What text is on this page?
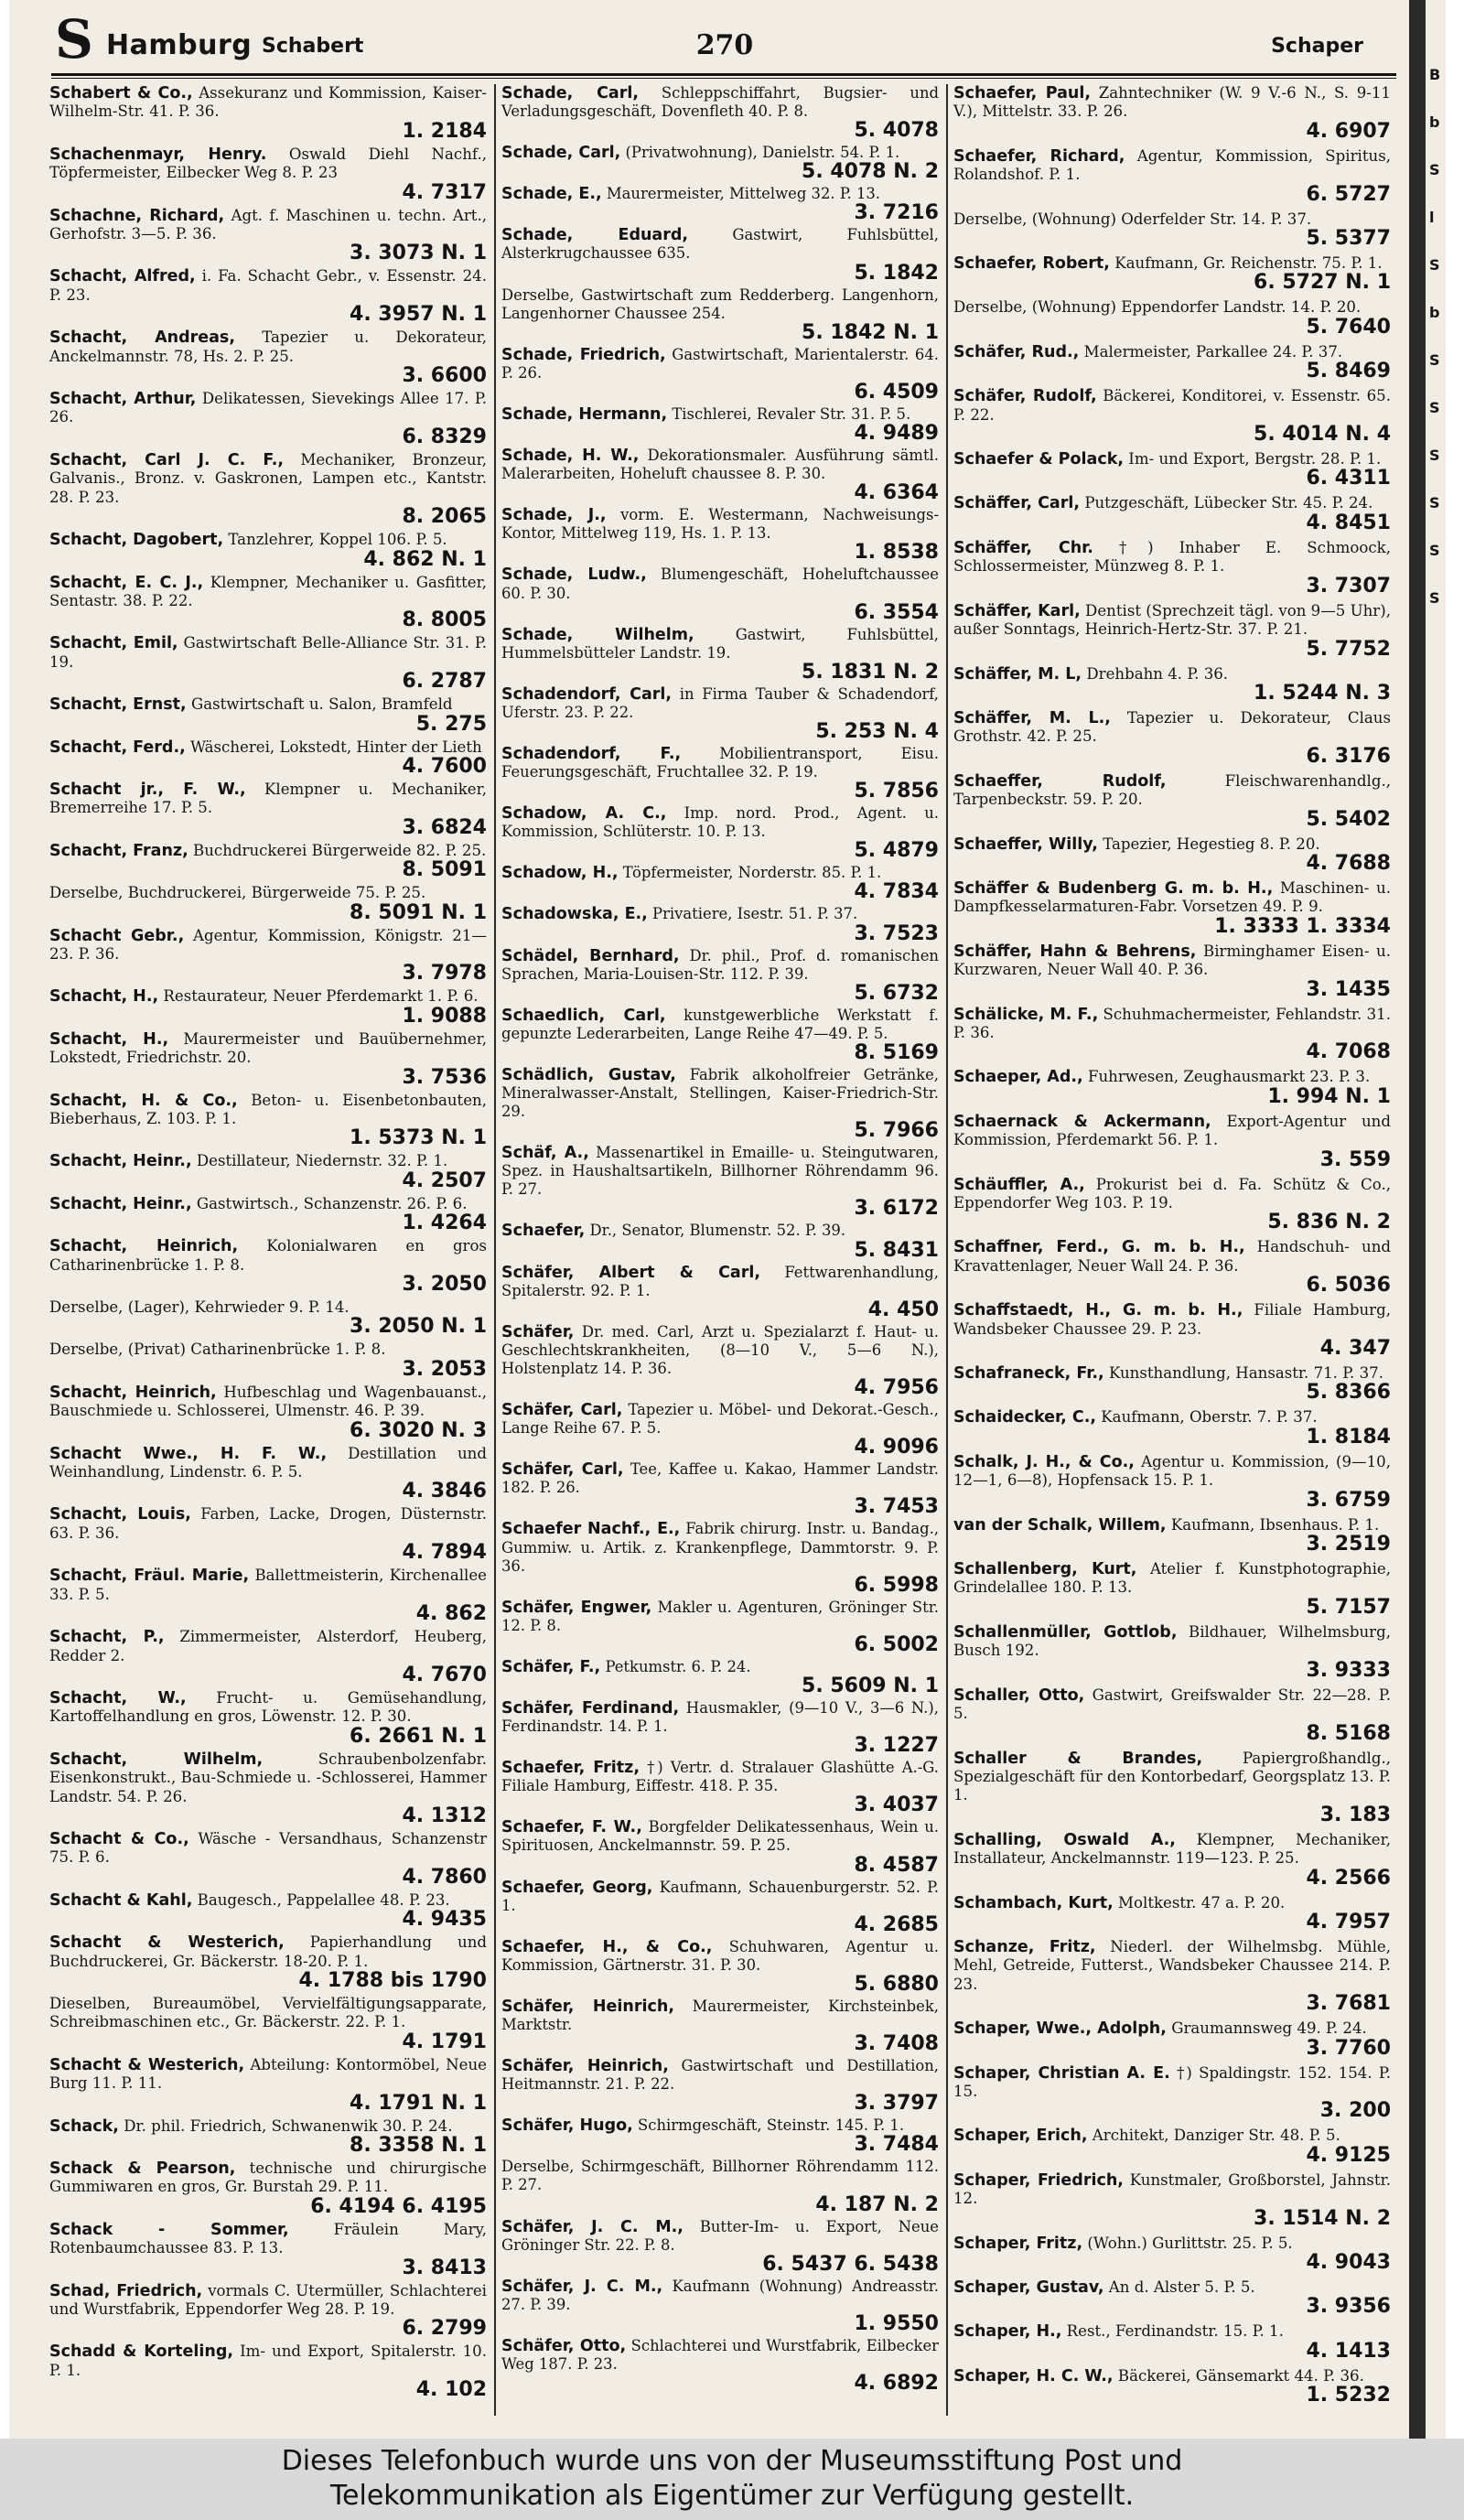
S Hamburg Schabert	270	Schaper
Schabert & Co., Assekuranz und Kommission, Kaiser-Wilhelm-Str. 41. P. 36.
1. 2184
Schachenmayr, Henry. Oswald Diehl Nachf., Töpfermeister, Eilbecker Weg 8. P. 23
4. 7317
Schachne, Richard, Agt. f. Maschinen u. techn. Art., Gerhofstr. 3—5. P. 36.
3. 3073 N. 1
Schacht, Alfred, i. Fa. Schacht Gebr., v. Essenstr. 24. P. 23.
4. 3957 N. 1
Schacht, Andreas, Tapezier u. Dekorateur, Anckelmannstr. 78, Hs. 2. P. 25.
3. 6600
Schacht, Arthur, Delikatessen, Sievekings Allee 17. P. 26.
6. 8329
Schacht, Carl J. C. F., Mechaniker, Bronzeur, Galvanis., Bronz. v. Gaskronen, Lampen etc., Kantstr. 28. P. 23.
8. 2065
Schacht, Dagobert, Tanzlehrer, Koppel 106. P. 5.
4. 862 N. 1
Schacht, E. C. J., Klempner, Mechaniker u. Gasfitter, Sentastr. 38. P. 22.
8. 8005
Schacht, Emil, Gastwirtschaft Belle-Alliance Str. 31. P. 19.
6. 2787
Schacht, Ernst, Gastwirtschaft u. Salon, Bramfeld
5. 275
Schacht, Ferd., Wäscherei, Lokstedt, Hinter der Lieth
4. 7600
Schacht jr., F. W., Klempner u. Mechaniker, Bremerreihe 17. P. 5.
3. 6824
Schacht, Franz, Buchdruckerei Bürgerweide 82. P. 25.
8. 5091
Derselbe, Buchdruckerei, Bürgerweide 75. P. 25.
8. 5091 N. 1
Schacht Gebr., Agentur, Kommission, Königstr. 21—23. P. 36.
3. 7978
Schacht, H., Restaurateur, Neuer Pferdemarkt 1. P. 6.
1. 9088
Schacht, H., Maurermeister und Bauübernehmer, Lokstedt, Friedrichstr. 20.
3. 7536
Schacht, H. & Co., Beton- u. Eisenbetonbauten, Bieberhaus, Z. 103. P. 1.
1. 5373 N. 1
Schacht, Heinr., Destillateur, Niedernstr. 32. P. 1.
4. 2507
Schacht, Heinr., Gastwirtsch., Schanzenstr. 26. P. 6.
1. 4264
Schacht, Heinrich, Kolonialwaren en gros Catharinenbrücke 1. P. 8.
3. 2050
Derselbe, (Lager), Kehrwieder 9. P. 14.
3. 2050 N. 1
Derselbe, (Privat) Catharinenbrücke 1. P. 8.
3. 2053
Schacht, Heinrich, Hufbeschlag und Wagenbauanst., Bauschmiede u. Schlosserei, Ulmenstr. 46. P. 39.
6. 3020 N. 3
Schacht Wwe., H. F. W., Destillation und Weinhandlung, Lindenstr. 6. P. 5.
4. 3846
Schacht, Louis, Farben, Lacke, Drogen, Düsternstr. 63. P. 36.
4. 7894
Schacht, Fräul. Marie, Ballettmeisterin, Kirchenallee 33. P. 5.
4. 862
Schacht, P., Zimmermeister, Alsterdorf, Heuberg, Redder 2.
4. 7670
Schacht, W., Frucht- u. Gemüsehandlung, Kartoffelhandlung en gros, Löwenstr. 12. P. 30.
6. 2661 N. 1
Schacht, Wilhelm,	Schraubenbolzenfabr. Eisenkonstrukt., Bau-Schmiede u. -Schlosserei, Hammer Landstr. 54. P. 26.
4. 1312
Schacht & Co., Wäsche - Versandhaus, Schanzenstr 75. P. 6.
4. 7860
Schacht & Kahl, Baugesch., Pappelallee 48. P. 23.
4. 9435
Schacht & Westerich, Papierhandlung und Buchdruckerei, Gr. Bäckerstr. 18-20. P. 1.
4. 1788 bis 1790
Dieselben, Bureaumöbel, Vervielfältigungsapparate, Schreibmaschinen etc., Gr. Bäckerstr. 22. P. 1.
4. 1791
Schacht & Westerich, Abteilung: Kontormöbel, Neue Burg 11. P. 11.
4. 1791 N. 1
Schack, Dr. phil. Friedrich, Schwanenwik 30. P. 24.
8. 3358 N. 1
Schack & Pearson, technische und chirurgische Gummiwaren en gros, Gr. Burstah 29. P. 11.
6. 4194 6. 4195
Schack - Sommer,	Fräulein Mary, Rotenbaumchaussee 83. P. 13.
3. 8413
Schad, Friedrich, vormals C. Utermüller, Schlachterei und Wurstfabrik, Eppendorfer Weg 28. P. 19.
6. 2799
Schadd & Korteling, Im- und Export, Spitalerstr. 10. P. 1.
4. 102
Schade, Carl, Schleppschiffahrt, Bugsier- und Verladungsgeschäft, Dovenfleth 40. P. 8.
5. 4078
Schade, Carl, (Privatwohnung), Danielstr. 54. P. 1.
5. 4078 N. 2
Schade, E., Maurermeister, Mittelweg 32. P. 13.
3. 7216
Schade, Eduard,	Gastwirt, Fuhlsbüttel, Alsterkrugchaussee 635.
5. 1842
Derselbe, Gastwirtschaft zum Redderberg. Langenhorn, Langenhorner Chaussee 254.
5. 1842 N. 1
Schade, Friedrich, Gastwirtschaft, Marientalerstr. 64. P. 26.
6. 4509
Schade, Hermann, Tischlerei, Revaler Str. 31. P. 5.
4. 9489
Schade, H. W., Dekorationsmaler. Ausführung sämtl. Malerarbeiten, Hoheluft chaussee 8. P. 30.
4. 6364
Schade, J., vorm. E. Westermann, Nachweisungs-Kontor, Mittelweg 119, Hs. 1. P. 13.
1. 8538
Schade, Ludw., Blumengeschäft, Hoheluftchaussee 60. P. 30.
6. 3554
Schade, Wilhelm,	Gastwirt, Fuhlsbüttel, Hummelsbütteler Landstr. 19.
5. 1831 N. 2
Schadendorf, Carl, in Firma Tauber & Schadendorf, Uferstr. 23. P. 22.
5. 253 N. 4
Schadendorf, F.,	Mobilientransport, Eisu. Feuerungsgeschäft, Fruchtallee 32. P. 19.
5. 7856
Schadow, A. C., Imp. nord. Prod., Agent. u. Kommission, Schlüterstr. 10. P. 13.
5. 4879
Schadow, H., Töpfermeister, Norderstr. 85. P. 1.
4. 7834
Schadowska, E., Privatiere, Isestr. 51. P. 37.
3. 7523
Schädel, Bernhard, Dr. phil., Prof. d. romanischen Sprachen, Maria-Louisen-Str. 112. P. 39.
5. 6732
Schaedlich, Carl, kunstgewerbliche Werkstatt f. gepunzte Lederarbeiten, Lange Reihe 47—49. P. 5.
8. 5169
Schädlich, Gustav, Fabrik alkoholfreier Getränke, Mineralwasser-Anstalt, Stellingen, Kaiser-Friedrich-Str. 29.
5. 7966
Schäf, A., Massenartikel in Emaille- u. Steingutwaren, Spez. in Haushaltsartikeln, Billhorner Röhrendamm 96. P. 27.
3. 6172
Schaefer, Dr., Senator, Blumenstr. 52. P. 39.
5. 8431
Schäfer, Albert & Carl, Fettwarenhandlung, Spitalerstr. 92. P. 1.
4. 450
Schäfer, Dr. med. Carl, Arzt u. Spezialarzt f. Haut- u. Geschlechtskrankheiten, (8—10 V., 5—6 N.), Holstenplatz 14. P. 36.
4. 7956
Schäfer, Carl, Tapezier u. Möbel- und Dekorat.-Gesch., Lange Reihe 67. P. 5.
4. 9096
Schäfer, Carl, Tee, Kaffee u. Kakao, Hammer Landstr. 182. P. 26.
3. 7453
Schaefer Nachf., E., Fabrik chirurg. Instr. u. Bandag., Gummiw. u. Artik. z. Krankenpflege, Dammtorstr. 9. P. 36.
6. 5998
Schäfer, Engwer, Makler u. Agenturen, Gröninger Str. 12. P. 8.
6. 5002
Schäfer, F., Petkumstr. 6. P. 24.
5. 5609 N. 1
Schäfer, Ferdinand, Hausmakler, (9—10 V., 3—6 N.), Ferdinandstr. 14. P. 1.
3. 1227
Schaefer, Fritz, †) Vertr. d. Stralauer Glashütte A.-G. Filiale Hamburg, Eiffestr. 418. P. 35.
3. 4037
Schaefer, F. W., Borgfelder Delikatessenhaus, Wein u. Spirituosen, Anckelmannstr. 59. P. 25.
8. 4587
Schaefer, Georg, Kaufmann, Schauenburgerstr. 52. P. 1.
4. 2685
Schaefer, H., & Co., Schuhwaren, Agentur u. Kommission, Gärtnerstr. 31. P. 30.
5. 6880
Schäfer, Heinrich, Maurermeister, Kirchsteinbek, Marktstr.
3. 7408
Schäfer, Heinrich, Gastwirtschaft und Destillation, Heitmannstr. 21. P. 22.
3. 3797
Schäfer, Hugo, Schirmgeschäft, Steinstr. 145. P. 1.
3. 7484
Derselbe, Schirmgeschäft, Billhorner Röhrendamm 112. P. 27.
4. 187 N. 2
Schäfer, J. C. M., Butter-Im- u. Export, Neue Gröninger Str. 22. P. 8.
6. 5437 6. 5438
Schäfer, J. C. M., Kaufmann (Wohnung) Andreasstr. 27. P. 39.
1. 9550
Schäfer, Otto, Schlachterei und Wurstfabrik, Eilbecker Weg 187. P. 23.
4. 6892
Schaefer, Paul, Zahntechniker (W. 9 V.-6 N., S. 9-11 V.), Mittelstr. 33. P. 26.
4. 6907
Schaefer, Richard, Agentur, Kommission, Spiritus, Rolandshof. P. 1.
6. 5727
Derselbe, (Wohnung) Oderfelder Str. 14. P. 37.
5. 5377
Schaefer, Robert, Kaufmann, Gr. Reichenstr. 75. P. 1.
6. 5727 N. 1
Derselbe, (Wohnung) Eppendorfer Landstr. 14. P. 20.
5. 7640
Schäfer, Rud., Malermeister, Parkallee 24. P. 37.
5. 8469
Schäfer, Rudolf, Bäckerei, Konditorei, v. Essenstr. 65. P. 22.
5. 4014 N. 4
Schaefer & Polack, Im- und Export, Bergstr. 28. P. 1.
6. 4311
Schäffer, Carl, Putzgeschäft, Lübecker Str. 45. P. 24.
4. 8451
Schäffer, Chr. †) Inhaber E. Schmoock, Schlossermeister, Münzweg 8. P. 1.
3. 7307
Schäffer, Karl, Dentist (Sprechzeit tägl. von 9—5 Uhr), außer Sonntags, Heinrich-Hertz-Str. 37. P. 21.
5. 7752
Schäffer, M. L, Drehbahn 4. P. 36.
1. 5244 N. 3
Schäffer, M. L., Tapezier u. Dekorateur, Claus Grothstr. 42. P. 25.
6. 3176
Schaeffer, Rudolf,	Fleischwarenhandlg., Tarpenbeckstr. 59. P. 20.
5. 5402
Schaeffer, Willy, Tapezier, Hegestieg 8. P. 20.
4. 7688
Schäffer & Budenberg G. m. b. H., Maschinen- u. Dampfkesselarmaturen-Fabr. Vorsetzen 49. P. 9.
1. 3333 1. 3334
Schäffer, Hahn & Behrens, Birminghamer Eisen- u. Kurzwaren, Neuer Wall 40. P. 36.
3. 1435
Schälicke, M. F., Schuhmachermeister, Fehlandstr. 31. P. 36.
4. 7068
Schaeper, Ad., Fuhrwesen, Zeughausmarkt 23. P. 3.
1. 994 N. 1
Schaernack & Ackermann, Export-Agentur und Kommission, Pferdemarkt 56. P. 1.
3. 559
Schäuffler, A., Prokurist bei d. Fa. Schütz & Co., Eppendorfer Weg 103. P. 19.
5. 836 N. 2
Schaffner, Ferd., G. m. b. H., Handschuh- und Kravattenlager, Neuer Wall 24. P. 36.
6. 5036
Schaffstaedt, H., G. m. b. H., Filiale Hamburg, Wandsbeker Chaussee 29. P. 23.
4. 347
Schafraneck, Fr., Kunsthandlung, Hansastr. 71. P. 37.
5. 8366
Schaidecker, C., Kaufmann, Oberstr. 7. P. 37.
1. 8184
Schalk, J. H., & Co., Agentur u. Kommission, (9—10, 12—1, 6—8), Hopfensack 15. P. 1.
3. 6759
van der Schalk, Willem, Kaufmann, Ibsenhaus. P. 1.
3. 2519
Schallenberg, Kurt, Atelier f. Kunstphotographie, Grindelallee 180. P. 13.
5. 7157
Schallenmüller, Gottlob, Bildhauer, Wilhelmsburg, Busch 192.
3. 9333
Schaller, Otto, Gastwirt, Greifswalder Str. 22—28. P. 5.
8. 5168
Schaller & Brandes,	Papiergroßhandlg., Spezialgeschäft für den Kontorbedarf, Georgsplatz 13. P. 1.
3. 183
Schalling, Oswald A., Klempner, Mechaniker, Installateur, Anckelmannstr. 119—123. P. 25.
4. 2566
Schambach, Kurt, Moltkestr. 47 a. P. 20.
4. 7957
Schanze, Fritz, Niederl. der Wilhelmsbg. Mühle, Mehl, Getreide, Futterst., Wandsbeker Chaussee 214. P. 23.
3. 7681
Schaper, Wwe., Adolph, Graumannsweg 49. P. 24.
3. 7760
Schaper, Christian A. E. †) Spaldingstr. 152. 154. P. 15.
3. 200
Schaper, Erich, Architekt, Danziger Str. 48. P. 5.
4. 9125
Schaper, Friedrich, Kunstmaler, Großborstel, Jahnstr. 12.
3. 1514 N. 2
Schaper, Fritz, (Wohn.) Gurlittstr. 25. P. 5.
4. 9043
Schaper, Gustav, An d. Alster 5. P. 5.
3. 9356
Schaper, H., Rest., Ferdinandstr. 15. P. 1.
4. 1413
Schaper, H. C. W., Bäckerei, Gänsemarkt 44. P. 36.
1. 5232
B
b
S
l
S
b
S
S
S
S
S
S
Dieses Telefonbuch wurde uns von der Museumsstiftung Post und
Telekommunikation als Eigentümer zur Verfügung gestellt.
